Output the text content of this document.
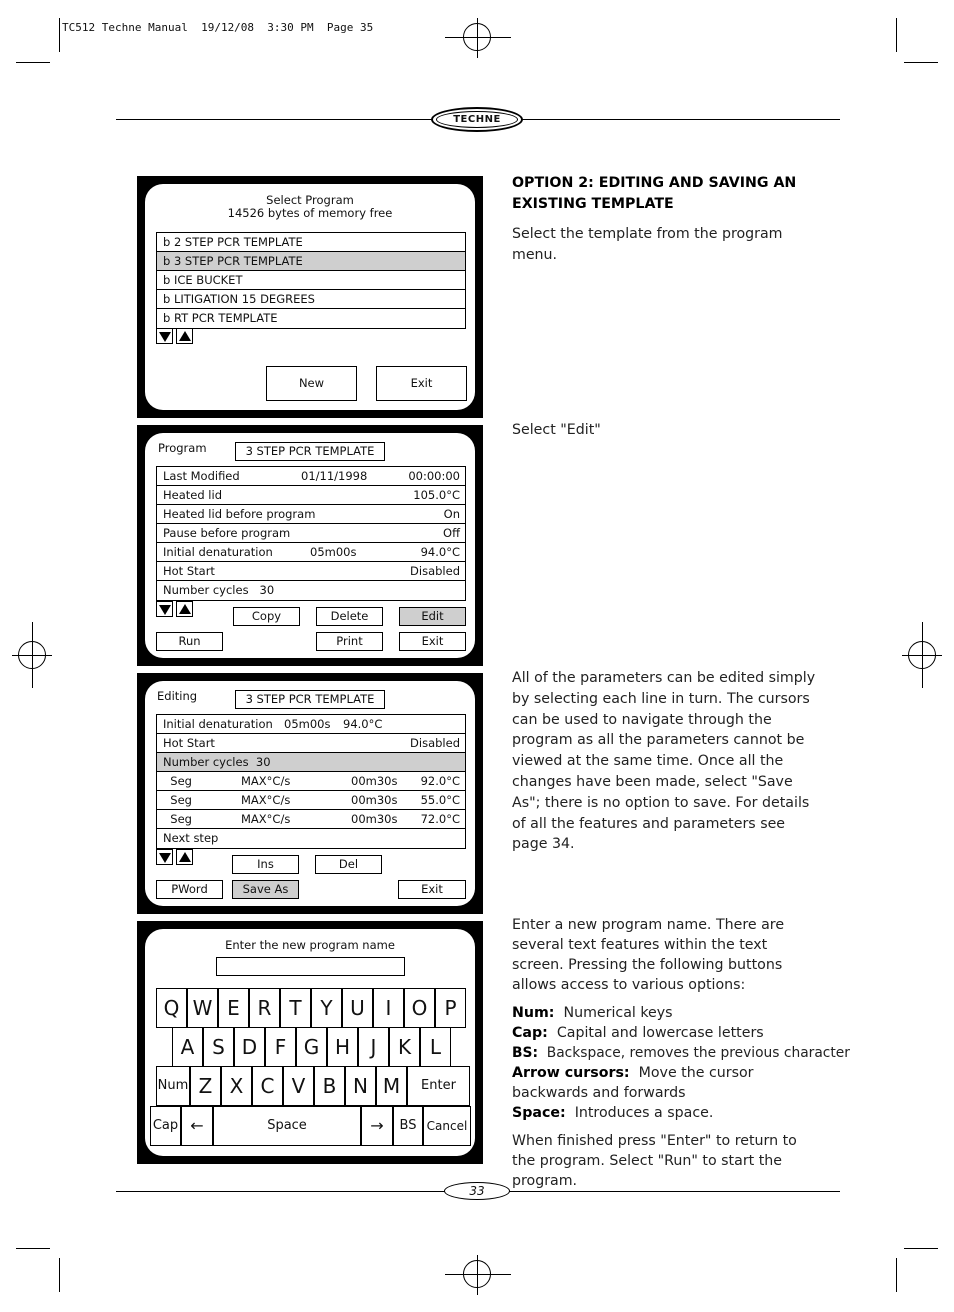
TC512 Techne Manual  19/12/08  3:30 PM  Page 35
TECHNE
Select Program
14526 bytes of memory free
b 2 STEP PCR TEMPLATE
b 3 STEP PCR TEMPLATE
b ICE BUCKET
b LITIGATION 15 DEGREES
b RT PCR TEMPLATE
New	Exit
Program	3 STEP PCR TEMPLATE
Last Modified	01/11/1998	00:00:00
Heated lid	105.0°C
Heated lid before program	On
Pause before program	Off
Initial denaturation	05m00s	94.0°C
Hot Start	Disabled
Number cycles   30
Copy	Delete	Edit
Run	Print	Exit
Editing	3 STEP PCR TEMPLATE
Initial denaturation 05m00s 94.0°C
Hot Start	Disabled
Number cycles  30
Seg	MAX°C/s	00m30s 92.0°C
Seg	MAX°C/s	00m30s 55.0°C
Seg	MAX°C/s	00m30s 72.0°C
Next step
Ins	Del
PWord	Save As	Exit
Enter the new program name
Q W E R T Y U	I	O P
A S D F G H	J	K L
Num Z X C V B N M	Enter
Cap ←	Space	→	BS Cancel
OPTION 2: EDITING AND SAVING AN
EXISTING TEMPLATE
Select the template from the program menu.
Select "Edit"
All of the parameters can be edited simply by selecting each line in turn. The cursors can be used to navigate through the program as all the parameters cannot be viewed at the same time. Once all the changes have been made, select "Save As"; there is no option to save. For details of all the features and parameters see page 34.
Enter a new program name. There are several text features within the text screen. Pressing the following buttons allows access to various options:
Num: Numerical keys
Cap: Capital and lowercase letters
BS: Backspace, removes the previous character
Arrow cursors: Move the cursor backwards and forwards
Space: Introduces a space.
When finished press "Enter" to return to the program. Select "Run" to start the program.
33
